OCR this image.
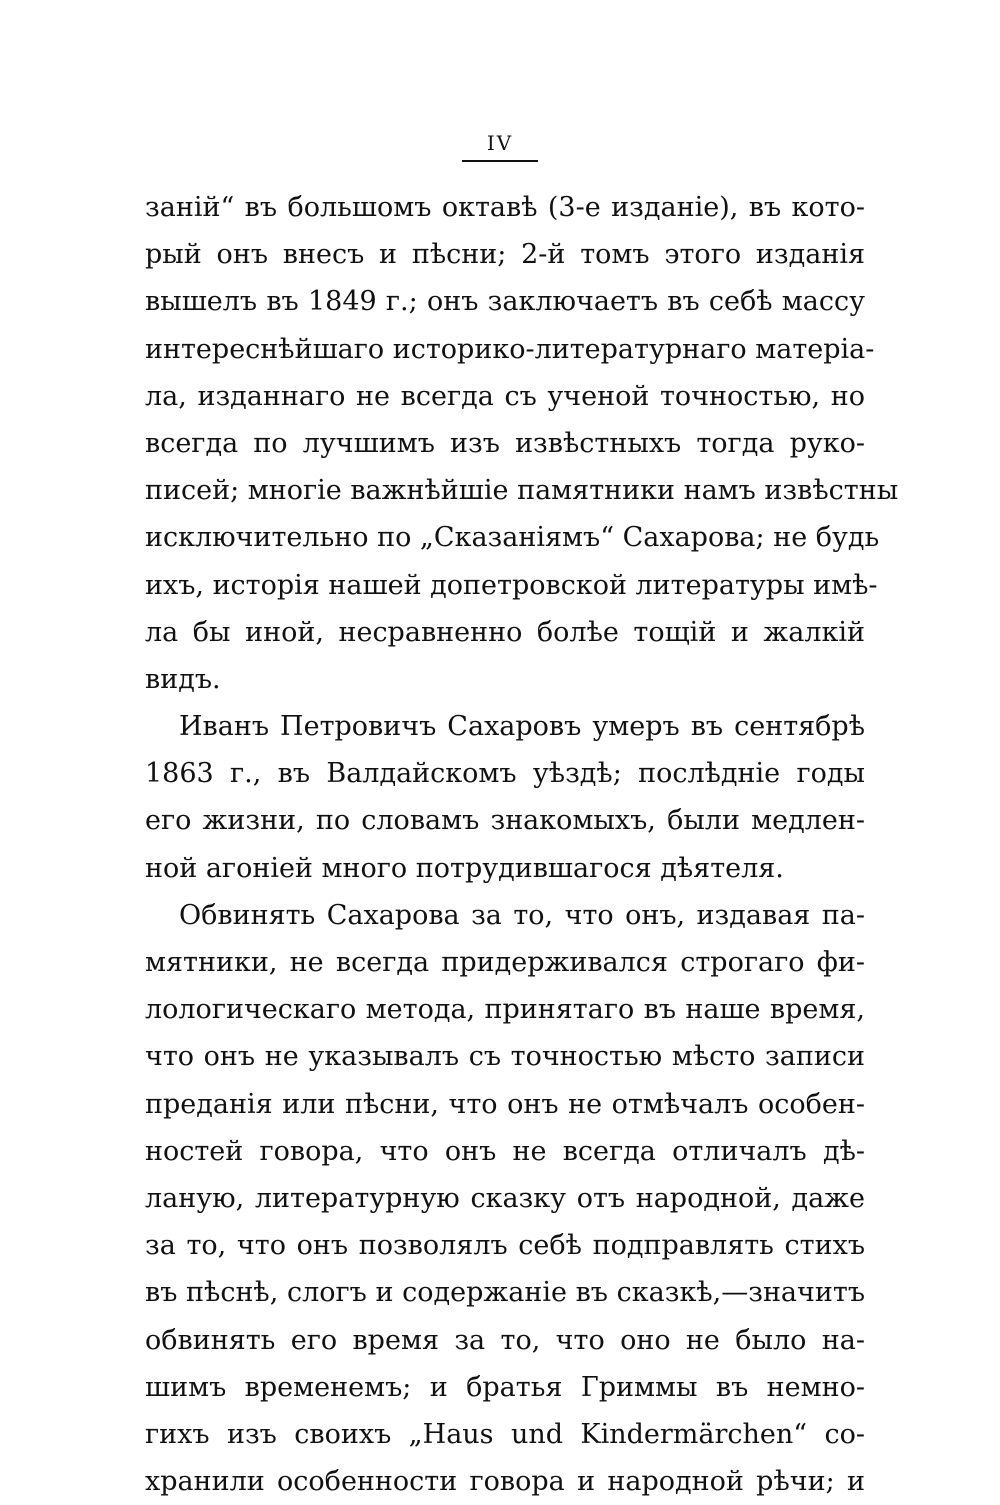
IV
заній“ въ большомъ октавѣ (3-е изданіе), въ кото-
рый онъ внесъ и пѣсни; 2-й томъ этого изданія
вышелъ въ 1849 г.; онъ заключаетъ въ себѣ массу
интереснѣйшаго историко-литературнаго матеріа-
ла, изданнаго не всегда съ ученой точностью, но
всегда по лучшимъ изъ извѣстныхъ тогда руко-
писей; многіе важнѣйшіе памятники намъ извѣстны
исключительно по „Сказаніямъ“ Сахарова; не будь
ихъ, исторія нашей допетровской литературы имѣ-
ла бы иной, несравненно болѣе тощій и жалкій
видъ.
Иванъ Петровичъ Сахаровъ умеръ въ сентябрѣ
1863 г., въ Валдайскомъ уѣздѣ; послѣдніе годы
его жизни, по словамъ знакомыхъ, были медлен-
ной агоніей много потрудившагося дѣятеля.
Обвинять Сахарова за то, что онъ, издавая па-
мятники, не всегда придерживался строгаго фи-
лологическаго метода, принятаго въ наше время,
что онъ не указывалъ съ точностью мѣсто записи
преданія или пѣсни, что онъ не отмѣчалъ особен-
ностей говора, что онъ не всегда отличалъ дѣ-
ланую, литературную сказку отъ народной, даже
за то, что онъ позволялъ себѣ подправлять стихъ
въ пѣснѣ, слогъ и содержаніе въ сказкѣ,—значитъ
обвинять его время за то, что оно не было на-
шимъ временемъ; и братья Гриммы въ немно-
гихъ изъ своихъ „Haus und Kindermärchen“ со-
хранили особенности говора и народной рѣчи; и
